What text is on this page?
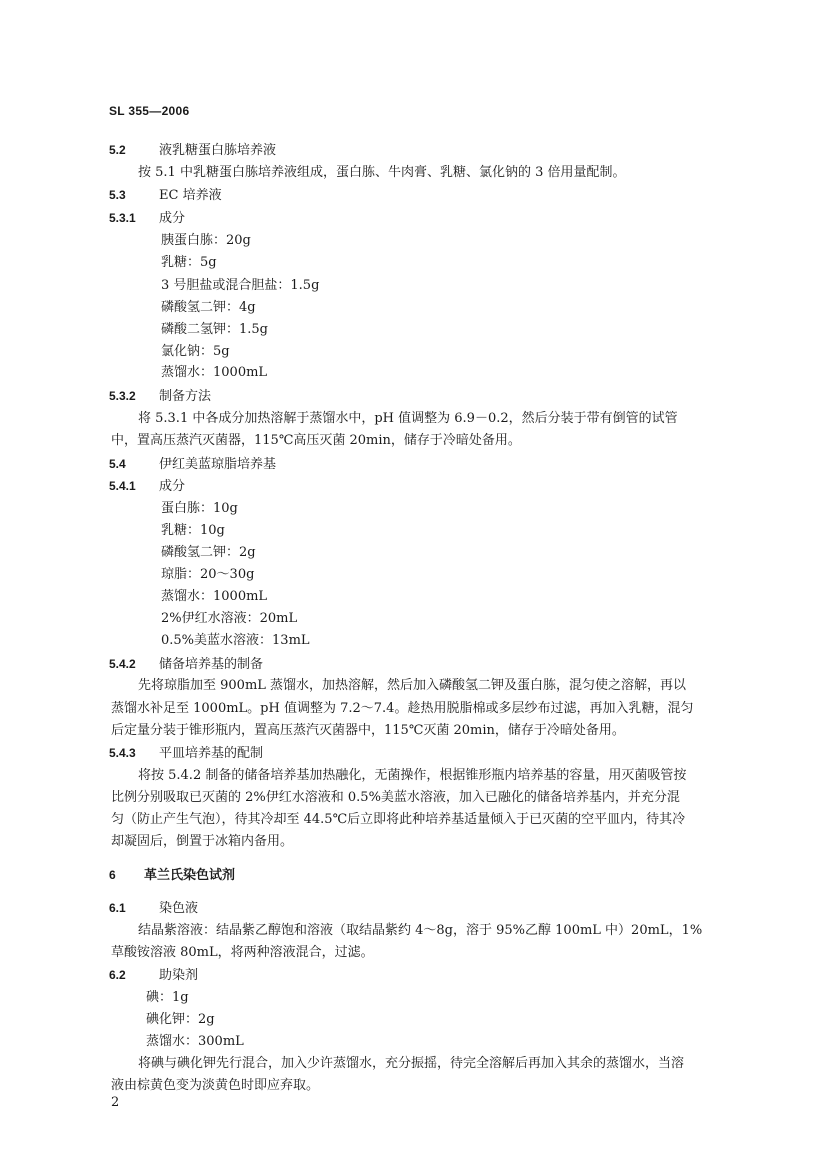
SL 355—2006
5.2	液乳糖蛋白胨培养液
按 5.1 中乳糖蛋白胨培养液组成，蛋白胨、牛肉膏、乳糖、氯化钠的 3 倍用量配制。
5.3	EC 培养液
5.3.1 成分
胰蛋白胨：20g
乳糖：5g
3 号胆盐或混合胆盐：1.5g
磷酸氢二钾：4g
磷酸二氢钾：1.5g
氯化钠：5g
蒸馏水：1000mL
5.3.2 制备方法
将 5.3.1 中各成分加热溶解于蒸馏水中，pH 值调整为 6.9－0.2，然后分装于带有倒管的试管
中，置高压蒸汽灭菌器，115℃高压灭菌 20min，储存于冷暗处备用。
5.4	伊红美蓝琼脂培养基
5.4.1 成分
蛋白胨：10g
乳糖：10g
磷酸氢二钾：2g
琼脂：20～30g
蒸馏水：1000mL
2%伊红水溶液：20mL
0.5%美蓝水溶液：13mL
5.4.2 储备培养基的制备
先将琼脂加至 900mL 蒸馏水，加热溶解，然后加入磷酸氢二钾及蛋白胨，混匀使之溶解，再以
蒸馏水补足至 1000mL。pH 值调整为 7.2～7.4。趁热用脱脂棉或多层纱布过滤，再加入乳糖，混匀
后定量分装于锥形瓶内，置高压蒸汽灭菌器中，115℃灭菌 20min，储存于冷暗处备用。
5.4.3 平皿培养基的配制
将按 5.4.2 制备的储备培养基加热融化，无菌操作，根据锥形瓶内培养基的容量，用灭菌吸管按
比例分别吸取已灭菌的 2%伊红水溶液和 0.5%美蓝水溶液，加入已融化的储备培养基内，并充分混
匀（防止产生气泡），待其冷却至 44.5℃后立即将此种培养基适量倾入于已灭菌的空平皿内，待其冷
却凝固后，倒置于冰箱内备用。
6 革兰氏染色试剂
6.1	染色液
结晶紫溶液：结晶紫乙醇饱和溶液（取结晶紫约 4～8g，溶于 95%乙醇 100mL 中）20mL，1%
草酸铵溶液 80mL，将两种溶液混合，过滤。
6.2	助染剂
碘：1g
碘化钾：2g
蒸馏水：300mL
将碘与碘化钾先行混合，加入少许蒸馏水，充分振摇，待完全溶解后再加入其余的蒸馏水，当溶
液由棕黄色变为淡黄色时即应弃取。
2
